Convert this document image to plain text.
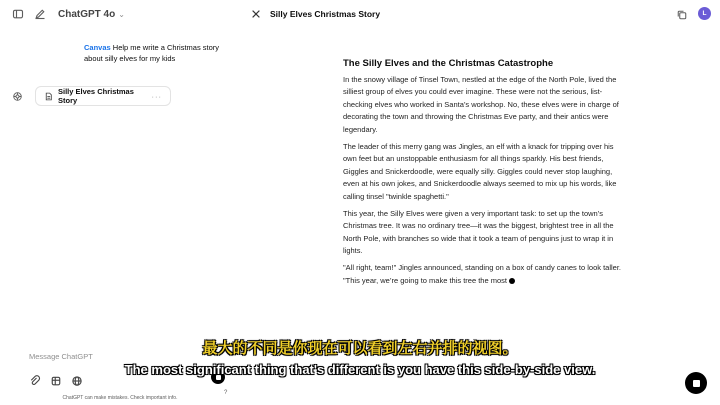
ChatGPT 4o ⌄
Canvas Help me write a Christmas story about silly elves for my kids
Silly Elves Christmas Story	···
Message ChatGPT
?
ChatGPT can make mistakes. Check important info.
Silly Elves Christmas Story	L
The Silly Elves and the Christmas Catastrophe

In the snowy village of Tinsel Town, nestled at the edge of the North Pole, lived the silliest group of elves you could ever imagine. These were not the serious, list-checking elves who worked in Santa’s workshop. No, these elves were in charge of decorating the town and throwing the Christmas Eve party, and their antics were legendary.

The leader of this merry gang was Jingles, an elf with a knack for tripping over his own feet but an unstoppable enthusiasm for all things sparkly. His best friends, Giggles and Snickerdoodle, were equally silly. Giggles could never stop laughing, even at his own jokes, and Snickerdoodle always seemed to mix up his words, like calling tinsel "twinkle spaghetti."

This year, the Silly Elves were given a very important task: to set up the town’s Christmas tree. It was no ordinary tree—it was the biggest, brightest tree in all the North Pole, with branches so wide that it took a team of penguins just to wrap it in lights.

"All right, team!" Jingles announced, standing on a box of candy canes to look taller. "This year, we’re going to make this tree the most

最大的不同是你现在可以看到左右并排的视图。
The most significant thing that's different is you have this side-by-side view.
